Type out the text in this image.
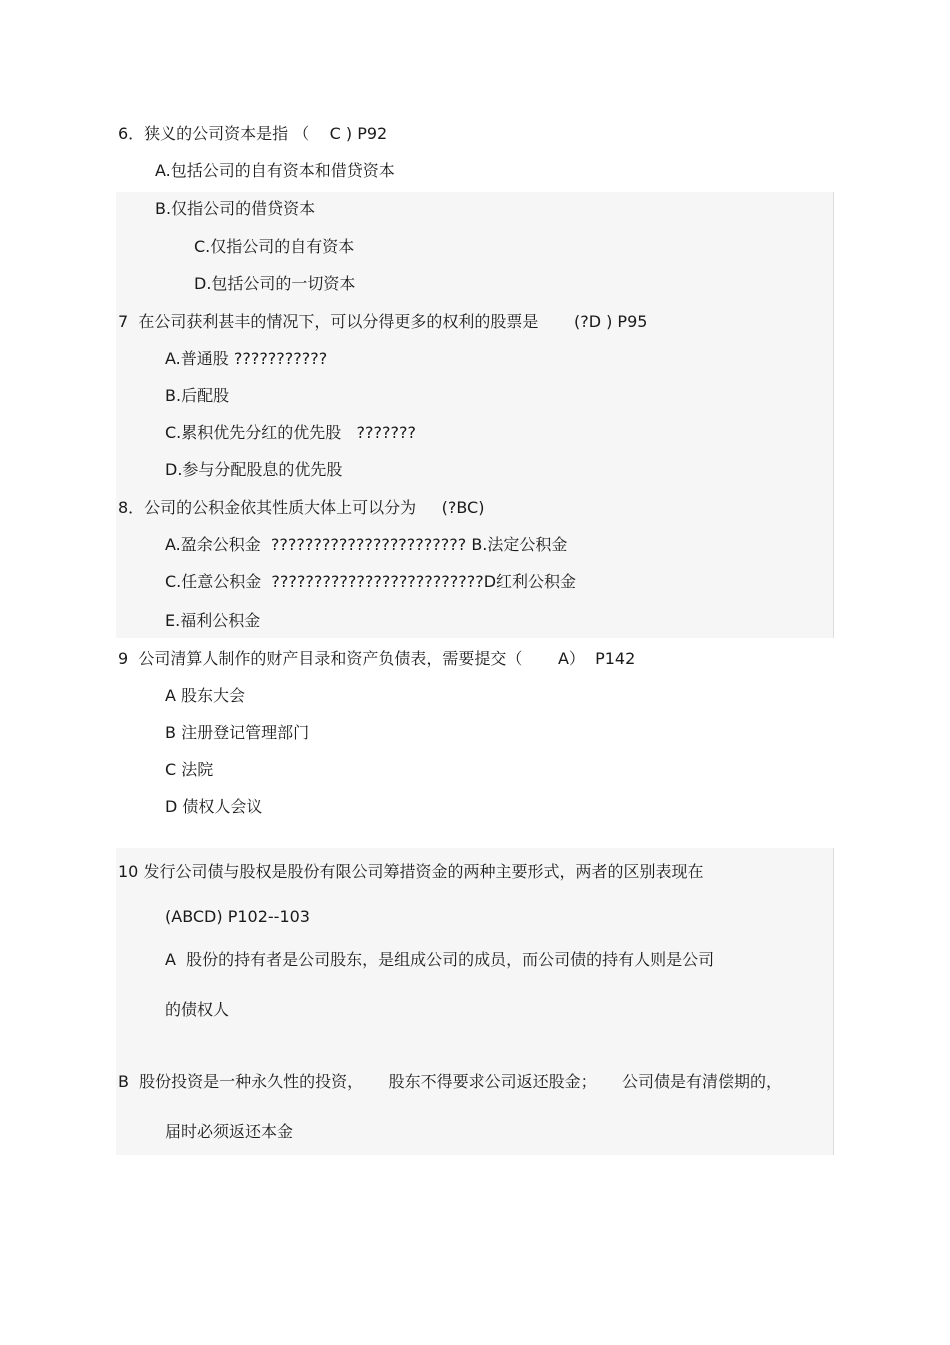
6．狭义的公司资本是指 （    C ) P92
A.包括公司的自有资本和借贷资本
B.仅指公司的借贷资本
C.仅指公司的自有资本
D.包括公司的一切资本
7  在公司获利甚丰的情况下，可以分得更多的权利的股票是       (?D ) P95
A.普通股 ???????????
B.后配股
C.累积优先分红的优先股   ???????
D.参与分配股息的优先股
8．公司的公积金依其性质大体上可以分为     (?BC)
A.盈余公积金  ??????????????????????? B.法定公积金
C.任意公积金  ?????????????????????????D红利公积金
E.福利公积金
9  公司清算人制作的财产目录和资产负债表，需要提交（       A）  P142
A 股东大会
B 注册登记管理部门
C 法院
D 债权人会议
10 发行公司债与股权是股份有限公司筹措资金的两种主要形式，两者的区别表现在
(ABCD) P102--103
A  股份的持有者是公司股东，是组成公司的成员，而公司债的持有人则是公司
的债权人
B  股份投资是一种永久性的投资，     股东不得要求公司返还股金；     公司债是有清偿期的，
届时必须返还本金
